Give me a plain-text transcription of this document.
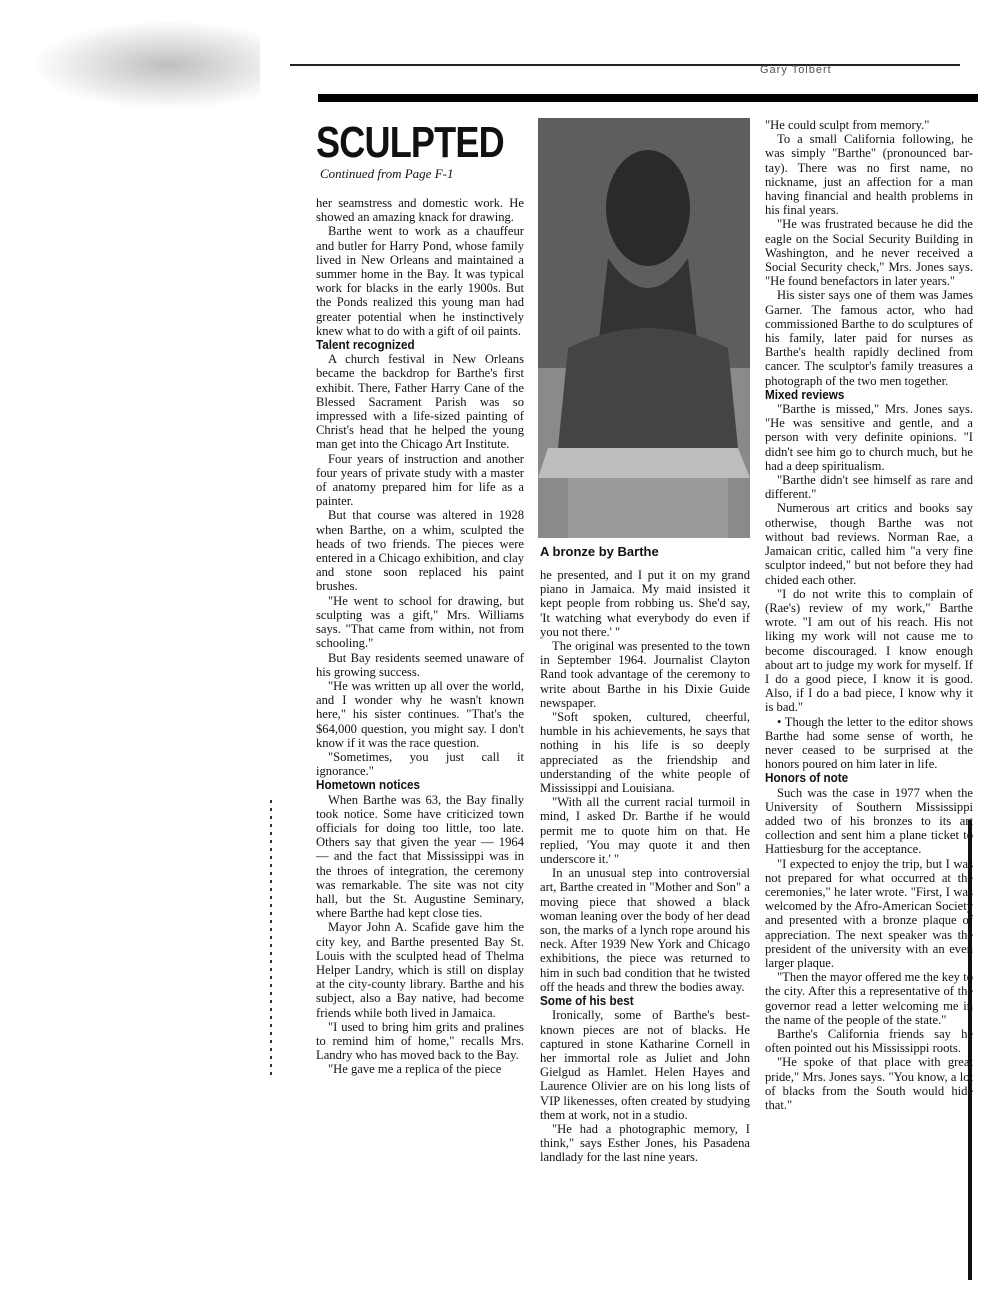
Gary Tolbert
SCULPTED
Continued from Page F-1
A bronze by Barthe

her seamstress and domestic work. He showed an amazing knack for drawing.

Barthe went to work as a chauffeur and butler for Harry Pond, whose family lived in New Orleans and maintained a summer home in the Bay. It was typical work for blacks in the early 1900s. But the Ponds realized this young man had greater potential when he instinctively knew what to do with a gift of oil paints.

Talent recognized

A church festival in New Orleans became the backdrop for Barthe's first exhibit. There, Father Harry Cane of the Blessed Sacrament Parish was so impressed with a life-sized painting of Christ's head that he helped the young man get into the Chicago Art Institute.

Four years of instruction and another four years of private study with a master of anatomy prepared him for life as a painter.

But that course was altered in 1928 when Barthe, on a whim, sculpted the heads of two friends. The pieces were entered in a Chicago exhibition, and clay and stone soon replaced his paint brushes.

"He went to school for drawing, but sculpting was a gift," Mrs. Williams says. "That came from within, not from schooling."

But Bay residents seemed unaware of his growing success.

"He was written up all over the world, and I wonder why he wasn't known here," his sister continues. "That's the $64,000 question, you might say. I don't know if it was the race question.

"Sometimes, you just call it ignorance."

Hometown notices

When Barthe was 63, the Bay finally took notice. Some have criticized town officials for doing too little, too late. Others say that given the year — 1964 — and the fact that Mississippi was in the throes of integration, the ceremony was remarkable. The site was not city hall, but the St. Augustine Seminary, where Barthe had kept close ties.

Mayor John A. Scafide gave him the city key, and Barthe presented Bay St. Louis with the sculpted head of Thelma Helper Landry, which is still on display at the city-county library. Barthe and his subject, also a Bay native, had become friends while both lived in Jamaica.

"I used to bring him grits and pralines to remind him of home," recalls Mrs. Landry who has moved back to the Bay.

"He gave me a replica of the piece

he presented, and I put it on my grand piano in Jamaica. My maid insisted it kept people from robbing us. She'd say, 'It watching what everybody do even if you not there.' "

The original was presented to the town in September 1964. Journalist Clayton Rand took advantage of the ceremony to write about Barthe in his Dixie Guide newspaper.

"Soft spoken, cultured, cheerful, humble in his achievements, he says that nothing in his life is so deeply appreciated as the friendship and understanding of the white people of Mississippi and Louisiana.

"With all the current racial turmoil in mind, I asked Dr. Barthe if he would permit me to quote him on that. He replied, 'You may quote it and then underscore it.' "

In an unusual step into controversial art, Barthe created in "Mother and Son" a moving piece that showed a black woman leaning over the body of her dead son, the marks of a lynch rope around his neck. After 1939 New York and Chicago exhibitions, the piece was returned to him in such bad condition that he twisted off the heads and threw the bodies away.

Some of his best

Ironically, some of Barthe's best-known pieces are not of blacks. He captured in stone Katharine Cornell in her immortal role as Juliet and John Gielgud as Hamlet. Helen Hayes and Laurence Olivier are on his long lists of VIP likenesses, often created by studying them at work, not in a studio.

"He had a photographic memory, I think," says Esther Jones, his Pasadena landlady for the last nine years.

"He could sculpt from memory."

To a small California following, he was simply "Barthe" (pronounced bar-tay). There was no first name, no nickname, just an affection for a man having financial and health problems in his final years.

"He was frustrated because he did the eagle on the Social Security Building in Washington, and he never received a Social Security check," Mrs. Jones says. "He found benefactors in later years."

His sister says one of them was James Garner. The famous actor, who had commissioned Barthe to do sculptures of his family, later paid for nurses as Barthe's health rapidly declined from cancer. The sculptor's family treasures a photograph of the two men together.

Mixed reviews

"Barthe is missed," Mrs. Jones says. "He was sensitive and gentle, and a person with very definite opinions. "I didn't see him go to church much, but he had a deep spiritualism.

"Barthe didn't see himself as rare and different."

Numerous art critics and books say otherwise, though Barthe was not without bad reviews. Norman Rae, a Jamaican critic, called him "a very fine sculptor indeed," but not before they had chided each other.

"I do not write this to complain of (Rae's) review of my work," Barthe wrote. "I am out of his reach. His not liking my work will not cause me to become discouraged. I know enough about art to judge my work for myself. If I do a good piece, I know it is good. Also, if I do a bad piece, I know why it is bad."

• Though the letter to the editor shows Barthe had some sense of worth, he never ceased to be surprised at the honors poured on him later in life.

Honors of note

Such was the case in 1977 when the University of Southern Mississippi added two of his bronzes to its art collection and sent him a plane ticket to Hattiesburg for the acceptance.

"I expected to enjoy the trip, but I was not prepared for what occurred at the ceremonies," he later wrote. "First, I was welcomed by the Afro-American Society and presented with a bronze plaque of appreciation. The next speaker was the president of the university with an even larger plaque.

"Then the mayor offered me the key to the city. After this a representative of the governor read a letter welcoming me in the name of the people of the state."

Barthe's California friends say he often pointed out his Mississippi roots.

"He spoke of that place with great pride," Mrs. Jones says. "You know, a lot of blacks from the South would hide that."
